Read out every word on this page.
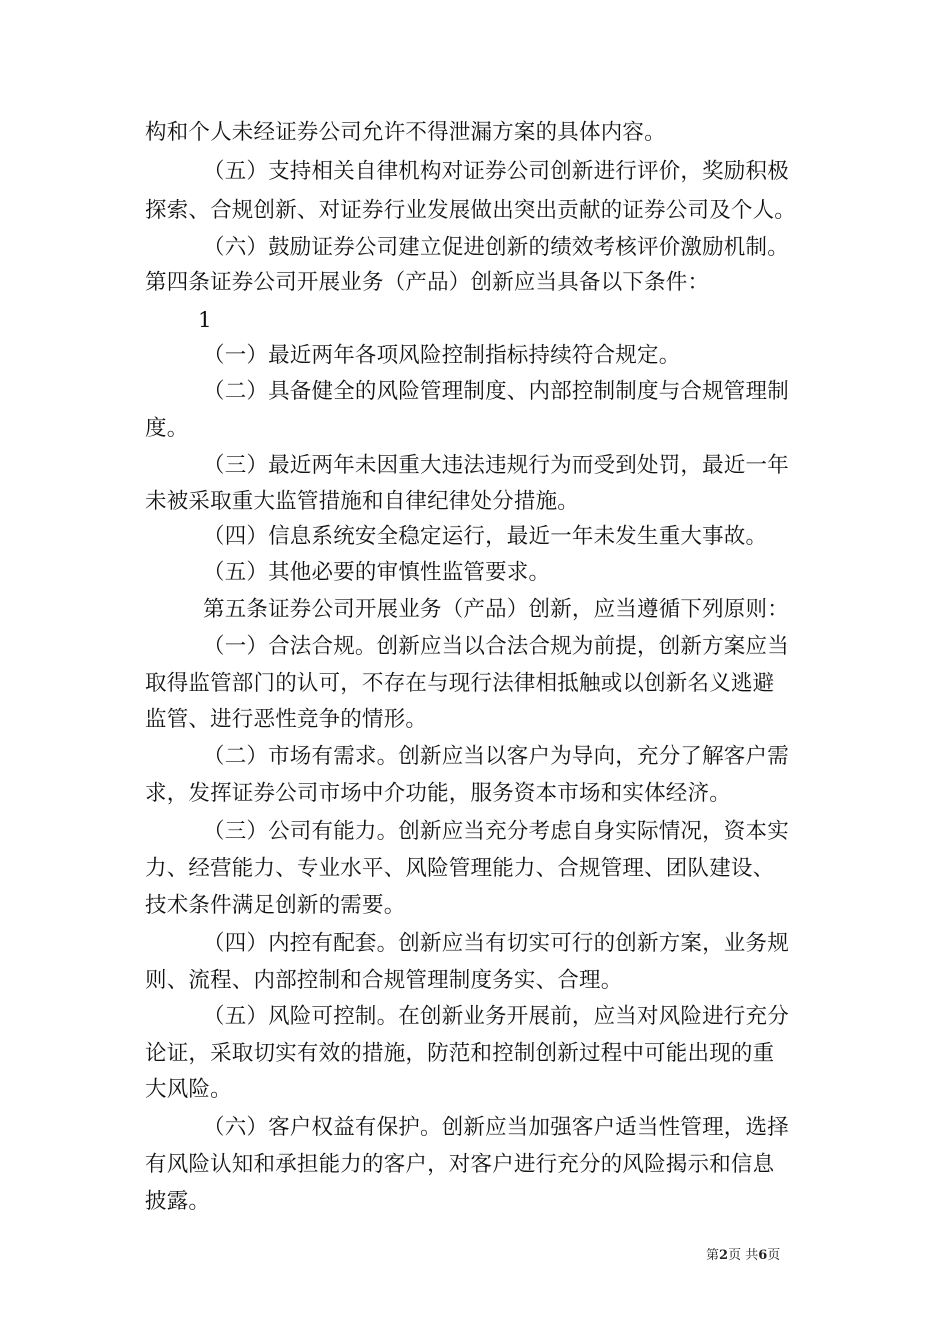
构和个人未经证券公司允许不得泄漏方案的具体内容。
（五）支持相关自律机构对证券公司创新进行评价，奖励积极
探索、合规创新、对证券行业发展做出突出贡献的证券公司及个人。
（六）鼓励证券公司建立促进创新的绩效考核评价激励机制。
第四条证券公司开展业务（产品）创新应当具备以下条件：
1
（一）最近两年各项风险控制指标持续符合规定。
（二）具备健全的风险管理制度、内部控制制度与合规管理制
度。
（三）最近两年未因重大违法违规行为而受到处罚，最近一年
未被采取重大监管措施和自律纪律处分措施。
（四）信息系统安全稳定运行，最近一年未发生重大事故。
（五）其他必要的审慎性监管要求。
第五条证券公司开展业务（产品）创新，应当遵循下列原则：
（一）合法合规。创新应当以合法合规为前提，创新方案应当
取得监管部门的认可，不存在与现行法律相抵触或以创新名义逃避
监管、进行恶性竞争的情形。
（二）市场有需求。创新应当以客户为导向，充分了解客户需
求，发挥证券公司市场中介功能，服务资本市场和实体经济。
（三）公司有能力。创新应当充分考虑自身实际情况，资本实
力、经营能力、专业水平、风险管理能力、合规管理、团队建设、
技术条件满足创新的需要。
（四）内控有配套。创新应当有切实可行的创新方案，业务规
则、流程、内部控制和合规管理制度务实、合理。
（五）风险可控制。在创新业务开展前，应当对风险进行充分
论证，采取切实有效的措施，防范和控制创新过程中可能出现的重
大风险。
（六）客户权益有保护。创新应当加强客户适当性管理，选择
有风险认知和承担能力的客户，对客户进行充分的风险揭示和信息
披露。
第2页 共6页
